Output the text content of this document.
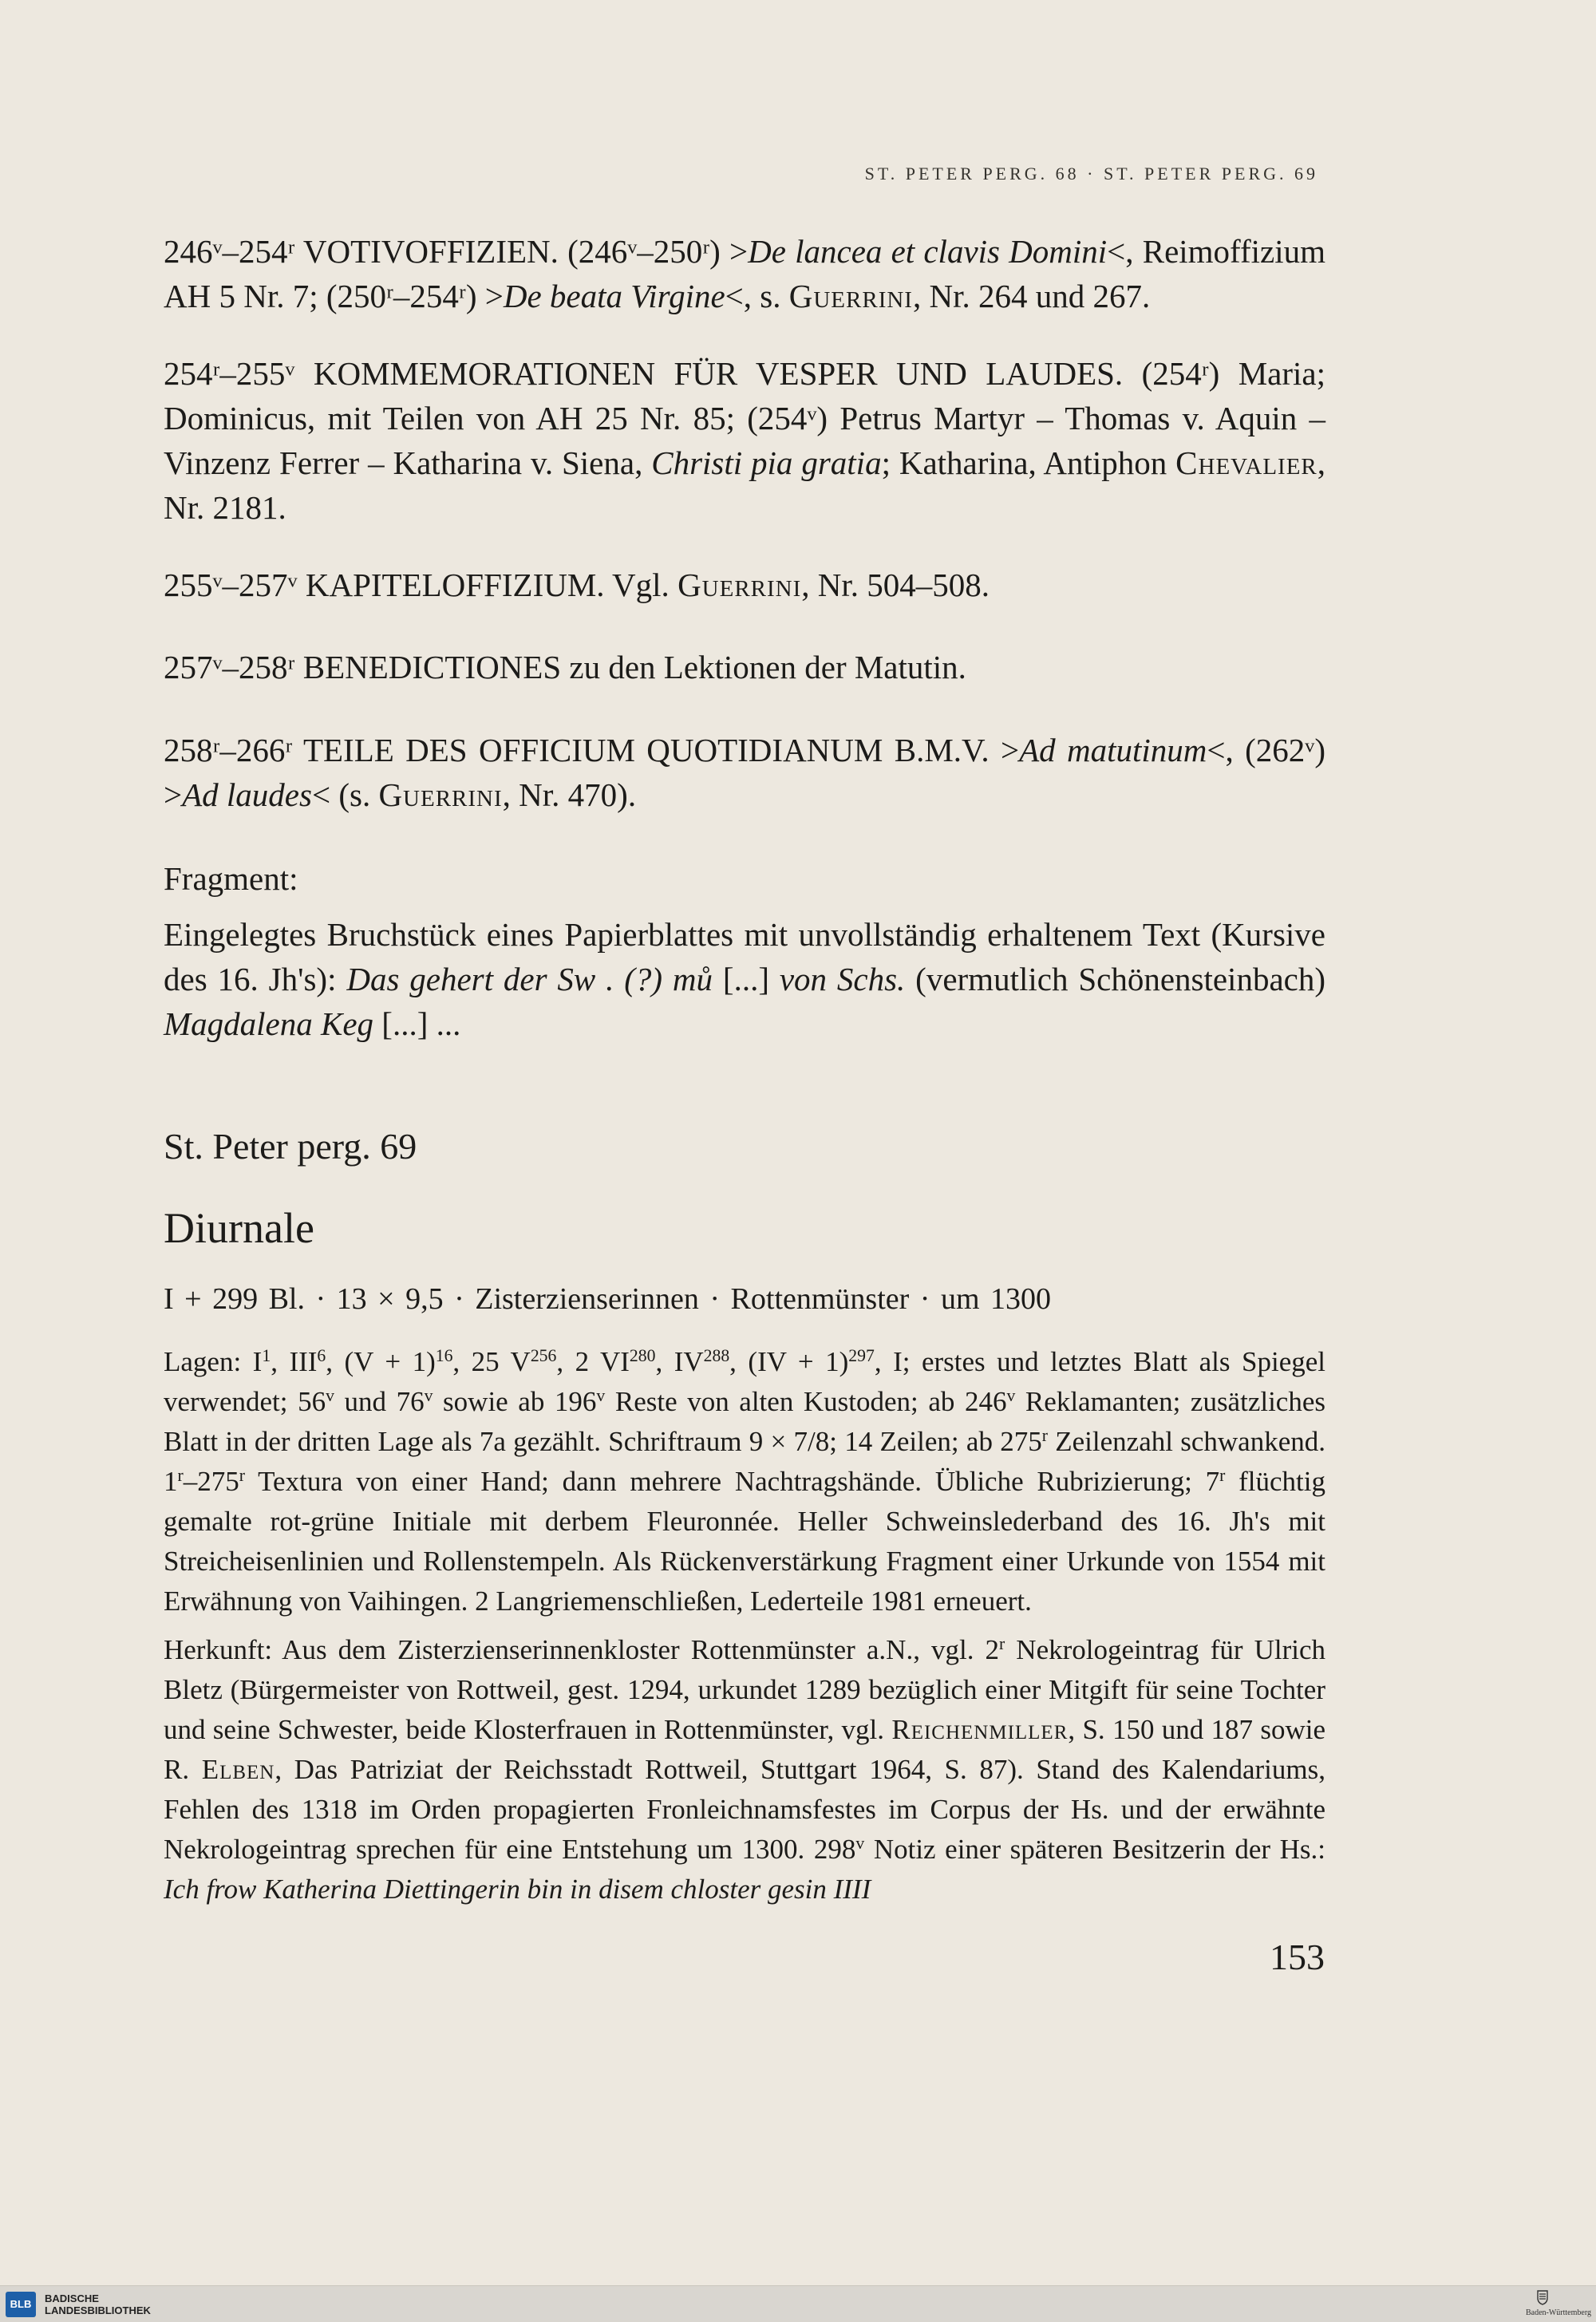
ST. PETER PERG. 68 · ST. PETER PERG. 69

246ᵛ–254ʳ VOTIVOFFIZIEN. (246ᵛ–250ʳ) >De lancea et clavis Domini<, Reimoffizium AH 5 Nr. 7; (250ʳ–254ʳ) >De beata Virgine<, s. Guerrini, Nr. 264 und 267.

254ʳ–255ᵛ KOMMEMORATIONEN FÜR VESPER UND LAUDES. (254ʳ) Maria; Dominicus, mit Teilen von AH 25 Nr. 85; (254ᵛ) Petrus Martyr – Thomas v. Aquin – Vinzenz Ferrer – Katharina v. Siena, Christi pia gratia; Katharina, Antiphon Chevalier, Nr. 2181.

255ᵛ–257ᵛ KAPITELOFFIZIUM. Vgl. Guerrini, Nr. 504–508.

257ᵛ–258ʳ BENEDICTIONES zu den Lektionen der Matutin.

258ʳ–266ʳ TEILE DES OFFICIUM QUOTIDIANUM B.M.V. >Ad matutinum<, (262ᵛ) >Ad laudes< (s. Guerrini, Nr. 470).

Fragment:

Eingelegtes Bruchstück eines Papierblattes mit unvollständig erhaltenem Text (Kursive des 16. Jh's): Das gehert der Sw . (?) mů [...] von Schs. (vermutlich Schönensteinbach) Magdalena Keg [...] ...

St. Peter perg. 69
Diurnale

I + 299 Bl. · 13 × 9,5 · Zisterzienserinnen · Rottenmünster · um 1300

Lagen: $I^1$, III$^6$, $(V + 1)^{16}$, 25 $V^{256}$, 2 VI$^{280}$, IV$^{288}$, (IV + 1)$^{297}$, I; erstes und letztes Blatt als Spiegel verwendet; 56$^v$ und 76$^v$ sowie ab 196$^v$ Reste von alten Kustoden; ab 246$^v$ Reklamanten; zusätzliches Blatt in der dritten Lage als 7a gezählt. Schriftraum 9 × 7/8; 14 Zeilen; ab 275$^r$ Zeilenzahl schwankend. 1$^r$–275$^r$ Textura von einer Hand; dann mehrere Nachtragshände. Übliche Rubrizierung; 7$^r$ flüchtig gemalte rot-grüne Initiale mit derbem Fleuronnée. Heller Schweinslederband des 16. Jh's mit Streicheisenlinien und Rollenstempeln. Als Rückenverstärkung Fragment einer Urkunde von 1554 mit Erwähnung von Vaihingen. 2 Langriemenschließen, Lederteile 1981 erneuert.

Herkunft: Aus dem Zisterzienserinnenkloster Rottenmünster a.N., vgl. 2$^r$ Nekrologeintrag für Ulrich Bletz (Bürgermeister von Rottweil, gest. 1294, urkundet 1289 bezüglich einer Mitgift für seine Tochter und seine Schwester, beide Klosterfrauen in Rottenmünster, vgl. Reichenmiller, S. 150 und 187 sowie R. Elben, Das Patriziat der Reichsstadt Rottweil, Stuttgart 1964, S. 87). Stand des Kalendariums, Fehlen des 1318 im Orden propagierten Fronleichnamsfestes im Corpus der Hs. und der erwähnte Nekrologeintrag sprechen für eine Entstehung um 1300. 298$^v$ Notiz einer späteren Besitzerin der Hs.: Ich frow Katherina Diettingerin bin in disem chloster gesin IIII

153
BLB	BADISCHE
LANDESBIBLIOTHEK	Baden-Württemberg
